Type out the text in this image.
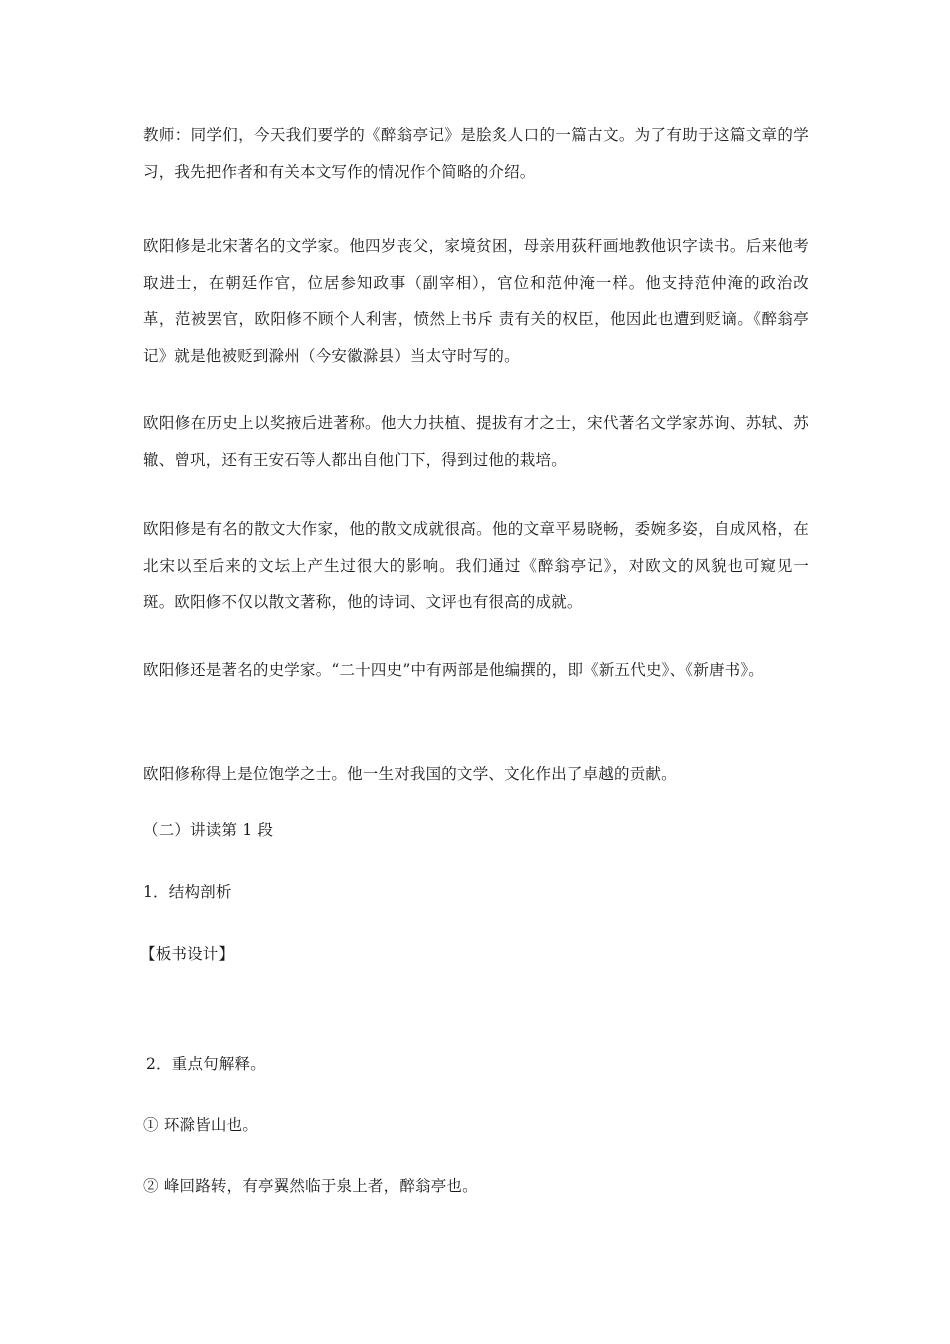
教师：同学们，今天我们要学的《醉翁亭记》是脍炙人口的一篇古文。为了有助于这篇文章的学习，我先把作者和有关本文写作的情况作个简略的介绍。

欧阳修是北宋著名的文学家。他四岁丧父，家境贫困，母亲用荻秆画地教他识字读书。后来他考取进士，在朝廷作官，位居参知政事（副宰相），官位和范仲淹一样。他支持范仲淹的政治改革，范被罢官，欧阳修不顾个人利害，愤然上书斥 责有关的权臣，他因此也遭到贬谪。《醉翁亭记》就是他被贬到滁州（今安徽滁县）当太守时写的。

欧阳修在历史上以奖掖后进著称。他大力扶植、提拔有才之士，宋代著名文学家苏询、苏轼、苏辙、曾巩，还有王安石等人都出自他门下，得到过他的栽培。

欧阳修是有名的散文大作家，他的散文成就很高。他的文章平易晓畅，委婉多姿，自成风格，在北宋以至后来的文坛上产生过很大的影响。我们通过《醉翁亭记》，对欧文的风貌也可窥见一斑。欧阳修不仅以散文著称，他的诗词、文评也有很高的成就。

欧阳修还是著名的史学家。“二十四史”中有两部是他编撰的，即《新五代史》、《新唐书》。

欧阳修称得上是位饱学之士。他一生对我国的文学、文化作出了卓越的贡献。

（二）讲读第 1 段

1．结构剖析

【板书设计】

2．重点句解释。

① 环滁皆山也。

② 峰回路转，有亭翼然临于泉上者，醉翁亭也。
